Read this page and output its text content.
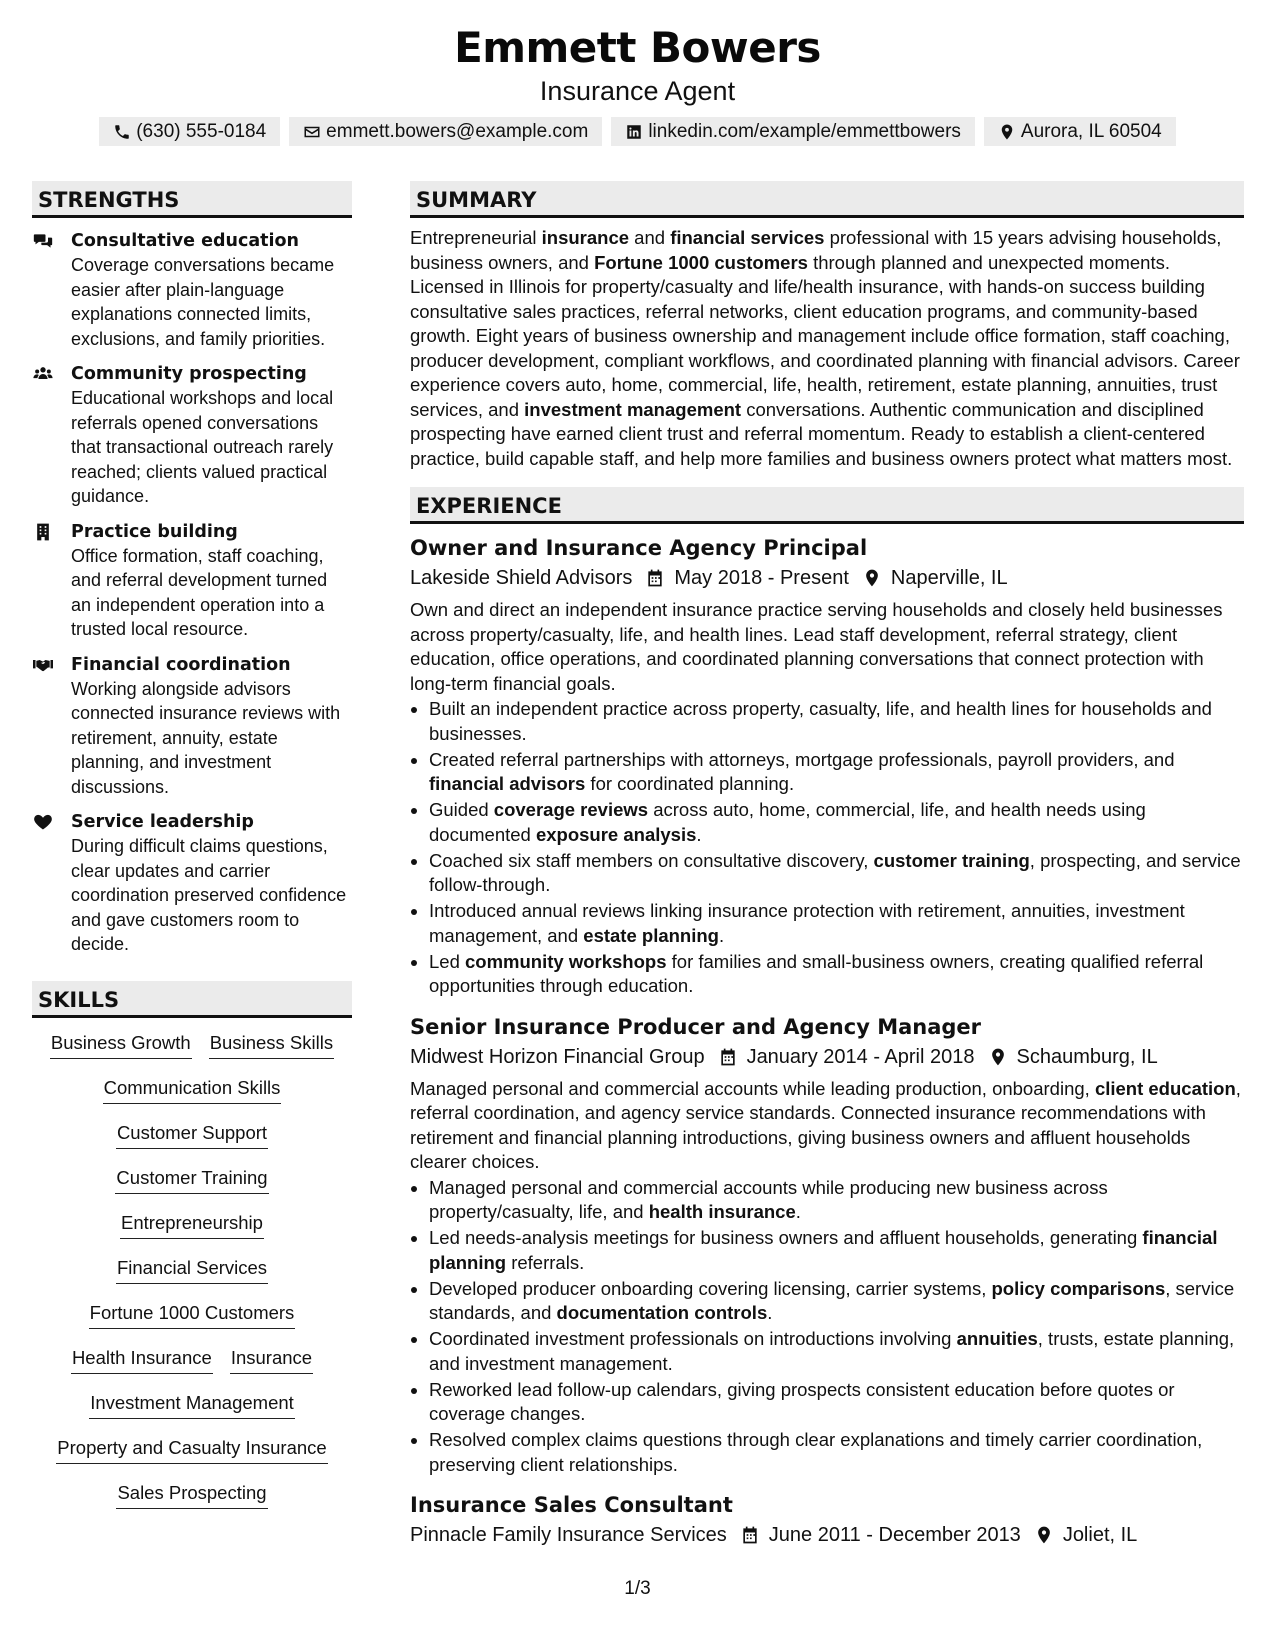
Emmett Bowers
Insurance Agent
(630) 555-0184	emmett.bowers@example.com	linkedin.com/example/emmettbowers	Aurora, IL 60504
STRENGTHS
Consultative education
Coverage conversations became easier after plain-language explanations connected limits, exclusions, and family priorities.
Community prospecting
Educational workshops and local referrals opened conversations that transactional outreach rarely reached; clients valued practical guidance.
Practice building
Office formation, staff coaching, and referral development turned an independent operation into a trusted local resource.
Financial coordination
Working alongside advisors connected insurance reviews with retirement, annuity, estate planning, and investment discussions.
Service leadership
During difficult claims questions, clear updates and carrier coordination preserved confidence and gave customers room to decide.
SKILLS
Business Growth Business Skills
Communication Skills
Customer Support
Customer Training
Entrepreneurship
Financial Services
Fortune 1000 Customers
Health Insurance Insurance
Investment Management
Property and Casualty Insurance
Sales Prospecting
SUMMARY
Entrepreneurial insurance and financial services professional with 15 years advising households, business owners, and Fortune 1000 customers through planned and unexpected moments. Licensed in Illinois for property/casualty and life/health insurance, with hands-on success building consultative sales practices, referral networks, client education programs, and community-based growth. Eight years of business ownership and management include office formation, staff coaching, producer development, compliant workflows, and coordinated planning with financial advisors. Career experience covers auto, home, commercial, life, health, retirement, estate planning, annuities, trust services, and investment management conversations. Authentic communication and disciplined prospecting have earned client trust and referral momentum. Ready to establish a client-centered practice, build capable staff, and help more families and business owners protect what matters most.
EXPERIENCE
Owner and Insurance Agency Principal
Lakeside Shield Advisors May 2018 - Present Naperville, IL
Own and direct an independent insurance practice serving households and closely held businesses across property/casualty, life, and health lines. Lead staff development, referral strategy, client education, office operations, and coordinated planning conversations that connect protection with long-term financial goals.
• Built an independent practice across property, casualty, life, and health lines for households and businesses.
• Created referral partnerships with attorneys, mortgage professionals, payroll providers, and financial advisors for coordinated planning.
• Guided coverage reviews across auto, home, commercial, life, and health needs using documented exposure analysis.
• Coached six staff members on consultative discovery, customer training, prospecting, and service follow-through.
• Introduced annual reviews linking insurance protection with retirement, annuities, investment management, and estate planning.
• Led community workshops for families and small-business owners, creating qualified referral opportunities through education.
Senior Insurance Producer and Agency Manager
Midwest Horizon Financial Group January 2014 - April 2018 Schaumburg, IL
Managed personal and commercial accounts while leading production, onboarding, client education, referral coordination, and agency service standards. Connected insurance recommendations with retirement and financial planning introductions, giving business owners and affluent households clearer choices.
• Managed personal and commercial accounts while producing new business across property/casualty, life, and health insurance.
• Led needs-analysis meetings for business owners and affluent households, generating financial planning referrals.
• Developed producer onboarding covering licensing, carrier systems, policy comparisons, service standards, and documentation controls.
• Coordinated investment professionals on introductions involving annuities, trusts, estate planning, and investment management.
• Reworked lead follow-up calendars, giving prospects consistent education before quotes or coverage changes.
• Resolved complex claims questions through clear explanations and timely carrier coordination, preserving client relationships.
Insurance Sales Consultant
Pinnacle Family Insurance Services June 2011 - December 2013 Joliet, IL
1/3
